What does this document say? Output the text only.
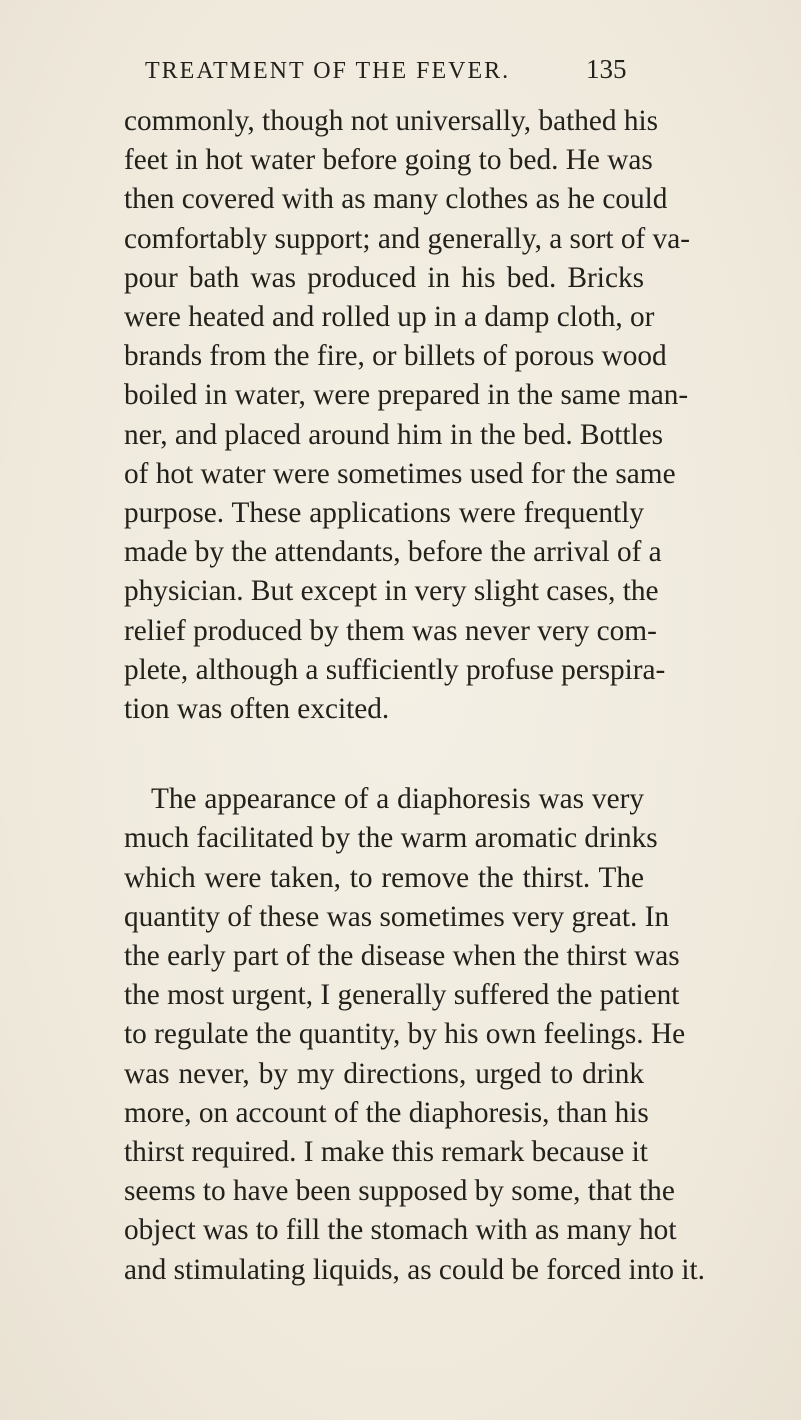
TREATMENT OF THE FEVER.	135
commonly, though not universally, bathed his
feet in hot water before going to bed. He was
then covered with as many clothes as he could
comfortably support; and generally, a sort of va-
pour bath was produced in his bed. Bricks
were heated and rolled up in a damp cloth, or
brands from the fire, or billets of porous wood
boiled in water, were prepared in the same man-
ner, and placed around him in the bed. Bottles
of hot water were sometimes used for the same
purpose. These applications were frequently
made by the attendants, before the arrival of a
physician. But except in very slight cases, the
relief produced by them was never very com-
plete, although a sufficiently profuse perspira-
tion was often excited.
The appearance of a diaphoresis was very
much facilitated by the warm aromatic drinks
which were taken, to remove the thirst. The
quantity of these was sometimes very great. In
the early part of the disease when the thirst was
the most urgent, I generally suffered the patient
to regulate the quantity, by his own feelings. He
was never, by my directions, urged to drink
more, on account of the diaphoresis, than his
thirst required. I make this remark because it
seems to have been supposed by some, that the
object was to fill the stomach with as many hot
and stimulating liquids, as could be forced into it.
